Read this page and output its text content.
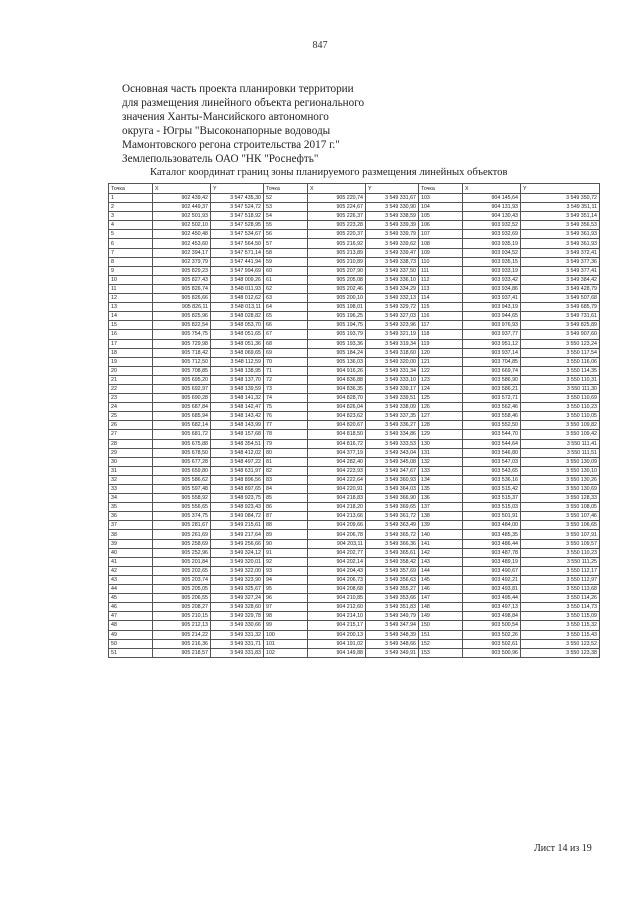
847
Основная часть проекта планировки территории
для размещения линейного объекта регионального
значения Ханты-Мансийского автономного
округа - Югры "Высоконапорные водоводы
Мамонтовского регона строительства 2017 г."
Землепользователь ОАО "НК "Роснефть"
Каталог координат границ зоны планируемого размещения линейных объектов
Точка	X	Y	Точка	X	Y	Точка	X	Y
1	902 439,42	3 547 435,30	52	905 220,74	3 549 331,67	103	904 145,64	3 549 350,72
2	902 449,37	3 547 524,72	53	905 224,67	3 549 330,90	104	904 131,93	3 549 351,11
3	902 501,93	3 547 518,92	54	905 226,37	3 549 338,59	105	904 130,43	3 549 351,14
4	902 502,10	3 547 528,95	55	905 223,28	3 549 339,39	106	903 932,52	3 549 356,53
5	902 450,48	3 547 534,67	56	905 220,37	3 549 339,79	107	903 932,69	3 549 361,93
6	902 453,60	3 547 564,50	57	905 216,92	3 549 339,62	108	903 935,19	3 549 361,93
7	902 394,17	3 547 571,14	58	905 213,89	3 549 339,47	109	903 934,52	3 549 372,41
8	902 379,79	3 547 441,94	59	905 210,89	3 549 338,73	110	903 935,15	3 549 377,36
9	905 829,23	3 547 994,69	60	905 207,90	3 549 337,50	111	903 933,19	3 549 377,41
10	905 827,43	3 548 009,26	61	905 205,08	3 549 336,10	112	903 933,42	3 549 384,42
11	905 826,74	3 548 011,93	62	905 202,46	3 549 334,29	113	903 934,86	3 549 428,79
12	905 826,66	3 548 012,62	63	905 200,10	3 549 332,13	114	903 937,41	3 549 507,68
13	905 826,11	3 548 013,11	64	905 198,01	3 549 329,72	115	903 943,19	3 549 685,79
14	905 825,96	3 548 028,82	65	905 196,25	3 549 327,03	116	903 944,65	3 549 731,61
15	905 822,54	3 548 053,70	66	905 194,75	3 549 323,96	117	903 976,93	3 549 825,89
16	905 754,75	3 548 051,65	67	905 193,79	3 549 321,19	118	903 937,77	3 549 907,60
17	905 729,98	3 548 051,36	68	905 193,36	3 549 319,34	119	903 951,12	3 550 123,24
18	905 718,42	3 548 069,65	69	905 184,24	3 549 318,60	120	903 937,14	3 550 117,54
19	905 712,50	3 548 112,59	70	905 136,03	3 549 320,00	121	903 704,85	3 550 116,06
20	905 708,85	3 548 138,95	71	904 916,26	3 549 331,34	122	903 669,74	3 550 114,35
21	905 695,20	3 548 137,70	72	904 836,88	3 549 333,10	123	903 586,90	3 550 110,31
22	905 692,97	3 548 139,59	73	904 836,35	3 549 339,17	124	903 586,21	3 550 111,30
23	905 690,28	3 548 141,32	74	904 828,70	3 549 339,51	125	903 572,71	3 550 110,69
24	905 687,84	3 548 142,47	75	904 826,04	3 549 338,09	126	903 562,46	3 550 110,23
25	905 685,94	3 548 143,42	76	904 823,62	3 549 337,35	127	903 558,46	3 550 110,05
26	905 682,14	3 548 143,99	77	904 820,67	3 549 336,27	128	903 552,50	3 550 109,82
27	905 681,72	3 548 157,68	78	904 818,50	3 549 334,86	129	903 544,70	3 550 109,42
28	905 675,88	3 548 354,51	79	904 816,72	3 549 333,53	130	903 544,64	3 550 111,41
29	905 678,50	3 548 412,02	80	904 377,19	3 549 343,04	131	903 546,80	3 550 111,51
30	905 677,28	3 548 497,22	81	904 282,40	3 549 345,08	132	903 547,03	3 550 130,09
31	905 659,80	3 548 631,97	82	904 223,93	3 549 347,67	133	903 543,65	3 550 130,10
32	905 586,62	3 548 896,56	83	904 222,64	3 549 360,93	134	903 536,16	3 550 130,26
33	905 597,48	3 548 897,65	84	904 220,91	3 549 364,03	135	903 515,42	3 550 130,69
34	905 558,92	3 548 923,75	85	904 218,83	3 549 366,90	136	903 515,37	3 550 128,33
35	905 556,65	3 548 923,43	86	904 218,20	3 549 369,65	137	903 515,03	3 550 108,05
36	905 374,75	3 549 084,72	87	904 213,66	3 549 361,72	138	903 501,91	3 550 107,46
37	905 281,67	3 549 215,61	88	904 209,66	3 549 363,49	139	903 484,00	3 550 106,65
38	905 261,69	3 549 217,64	89	904 206,78	3 549 365,72	140	903 485,35	3 550 107,91
39	905 258,69	3 549 256,66	90	904 203,11	3 549 366,36	141	903 486,44	3 550 109,57
40	905 252,96	3 549 324,12	91	904 202,77	3 549 365,61	142	903 487,78	3 550 110,23
41	905 201,84	3 549 320,01	92	904 202,14	3 549 358,42	143	903 489,19	3 550 111,25
42	905 202,65	3 549 322,00	93	904 204,43	3 549 357,69	144	903 490,67	3 550 112,17
43	905 203,74	3 549 323,90	94	904 206,73	3 549 356,63	145	903 492,21	3 550 112,97
44	905 205,05	3 549 325,67	95	904 208,68	3 549 355,27	146	903 493,81	3 550 113,68
45	905 206,55	3 549 327,24	96	904 210,85	3 549 353,66	147	903 495,44	3 550 114,26
46	905 208,27	3 549 328,60	97	904 212,60	3 549 351,83	148	903 497,13	3 550 114,73
47	905 210,15	3 549 329,78	98	904 214,10	3 549 349,79	149	903 498,84	3 550 115,09
48	905 212,13	3 549 330,66	99	904 215,17	3 549 347,94	150	903 500,54	3 550 115,32
49	905 214,22	3 549 331,32	100	904 200,13	3 549 348,39	151	903 502,26	3 550 115,43
50	905 216,36	3 549 331,71	101	904 191,02	3 549 348,66	152	903 502,61	3 550 123,52
51	905 218,57	3 549 331,83	102	904 149,88	3 549 349,91	153	903 500,96	3 550 123,38
Лист 14 из 19
